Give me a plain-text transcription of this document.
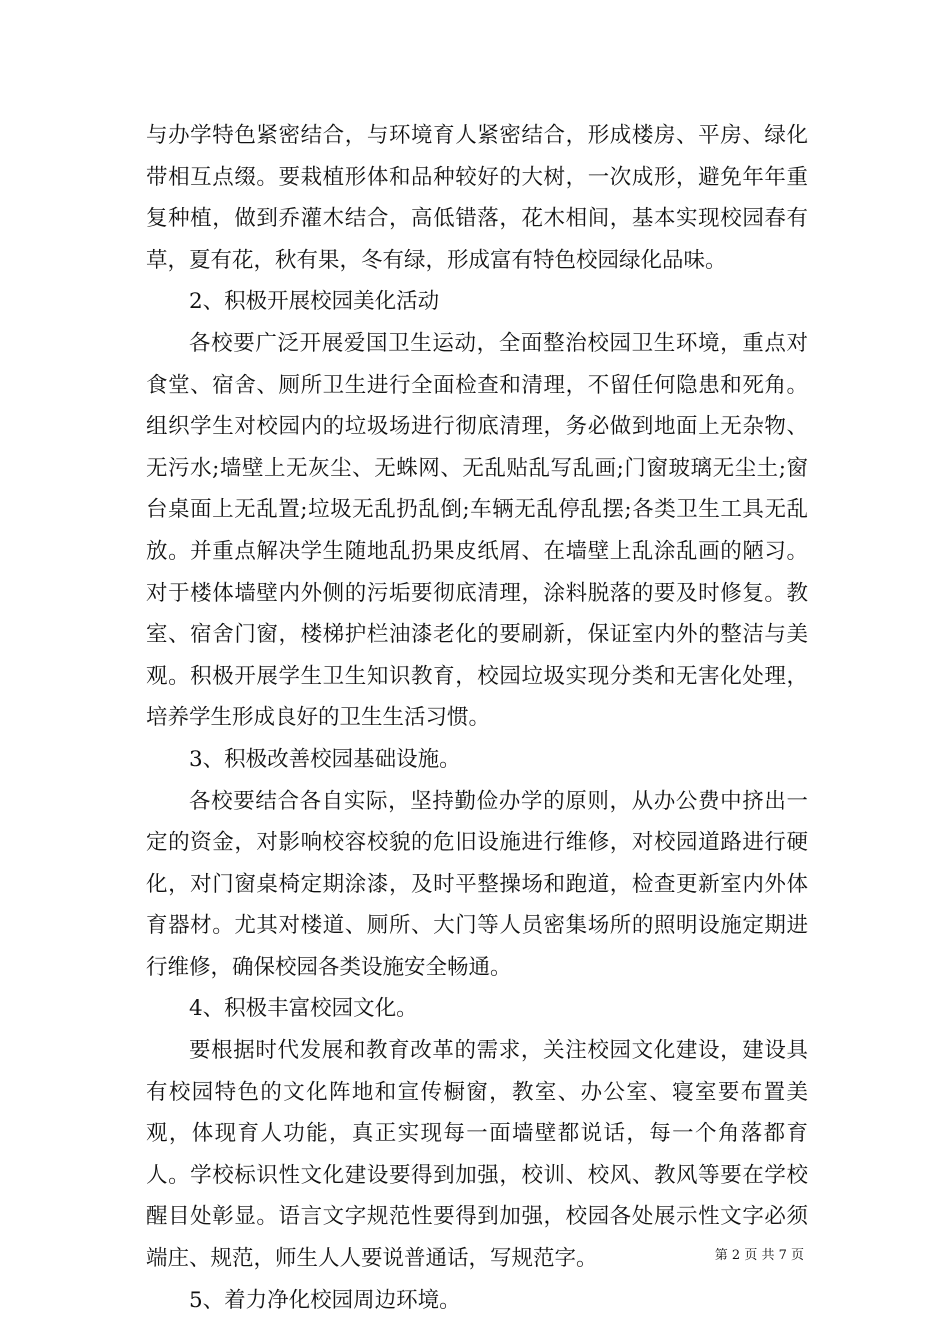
与办学特色紧密结合，与环境育人紧密结合，形成楼房、平房、绿化带相互点缀。要栽植形体和品种较好的大树，一次成形，避免年年重复种植，做到乔灌木结合，高低错落，花木相间，基本实现校园春有草，夏有花，秋有果，冬有绿，形成富有特色校园绿化品味。

2、积极开展校园美化活动

各校要广泛开展爱国卫生运动，全面整治校园卫生环境，重点对食堂、宿舍、厕所卫生进行全面检查和清理，不留任何隐患和死角。组织学生对校园内的垃圾场进行彻底清理，务必做到地面上无杂物、无污水;墙壁上无灰尘、无蛛网、无乱贴乱写乱画;门窗玻璃无尘土;窗台桌面上无乱置;垃圾无乱扔乱倒;车辆无乱停乱摆;各类卫生工具无乱放。并重点解决学生随地乱扔果皮纸屑、在墙壁上乱涂乱画的陋习。对于楼体墙壁内外侧的污垢要彻底清理，涂料脱落的要及时修复。教室、宿舍门窗，楼梯护栏油漆老化的要刷新，保证室内外的整洁与美观。积极开展学生卫生知识教育，校园垃圾实现分类和无害化处理，培养学生形成良好的卫生生活习惯。

3、积极改善校园基础设施。

各校要结合各自实际，坚持勤俭办学的原则，从办公费中挤出一定的资金，对影响校容校貌的危旧设施进行维修，对校园道路进行硬化，对门窗桌椅定期涂漆，及时平整操场和跑道，检查更新室内外体育器材。尤其对楼道、厕所、大门等人员密集场所的照明设施定期进行维修，确保校园各类设施安全畅通。

4、积极丰富校园文化。

要根据时代发展和教育改革的需求，关注校园文化建设，建设具有校园特色的文化阵地和宣传橱窗，教室、办公室、寝室要布置美观，体现育人功能，真正实现每一面墙壁都说话，每一个角落都育人。学校标识性文化建设要得到加强，校训、校风、教风等要在学校醒目处彰显。语言文字规范性要得到加强，校园各处展示性文字必须端庄、规范，师生人人要说普通话，写规范字。

5、着力净化校园周边环境。

第 2 页 共 7 页
